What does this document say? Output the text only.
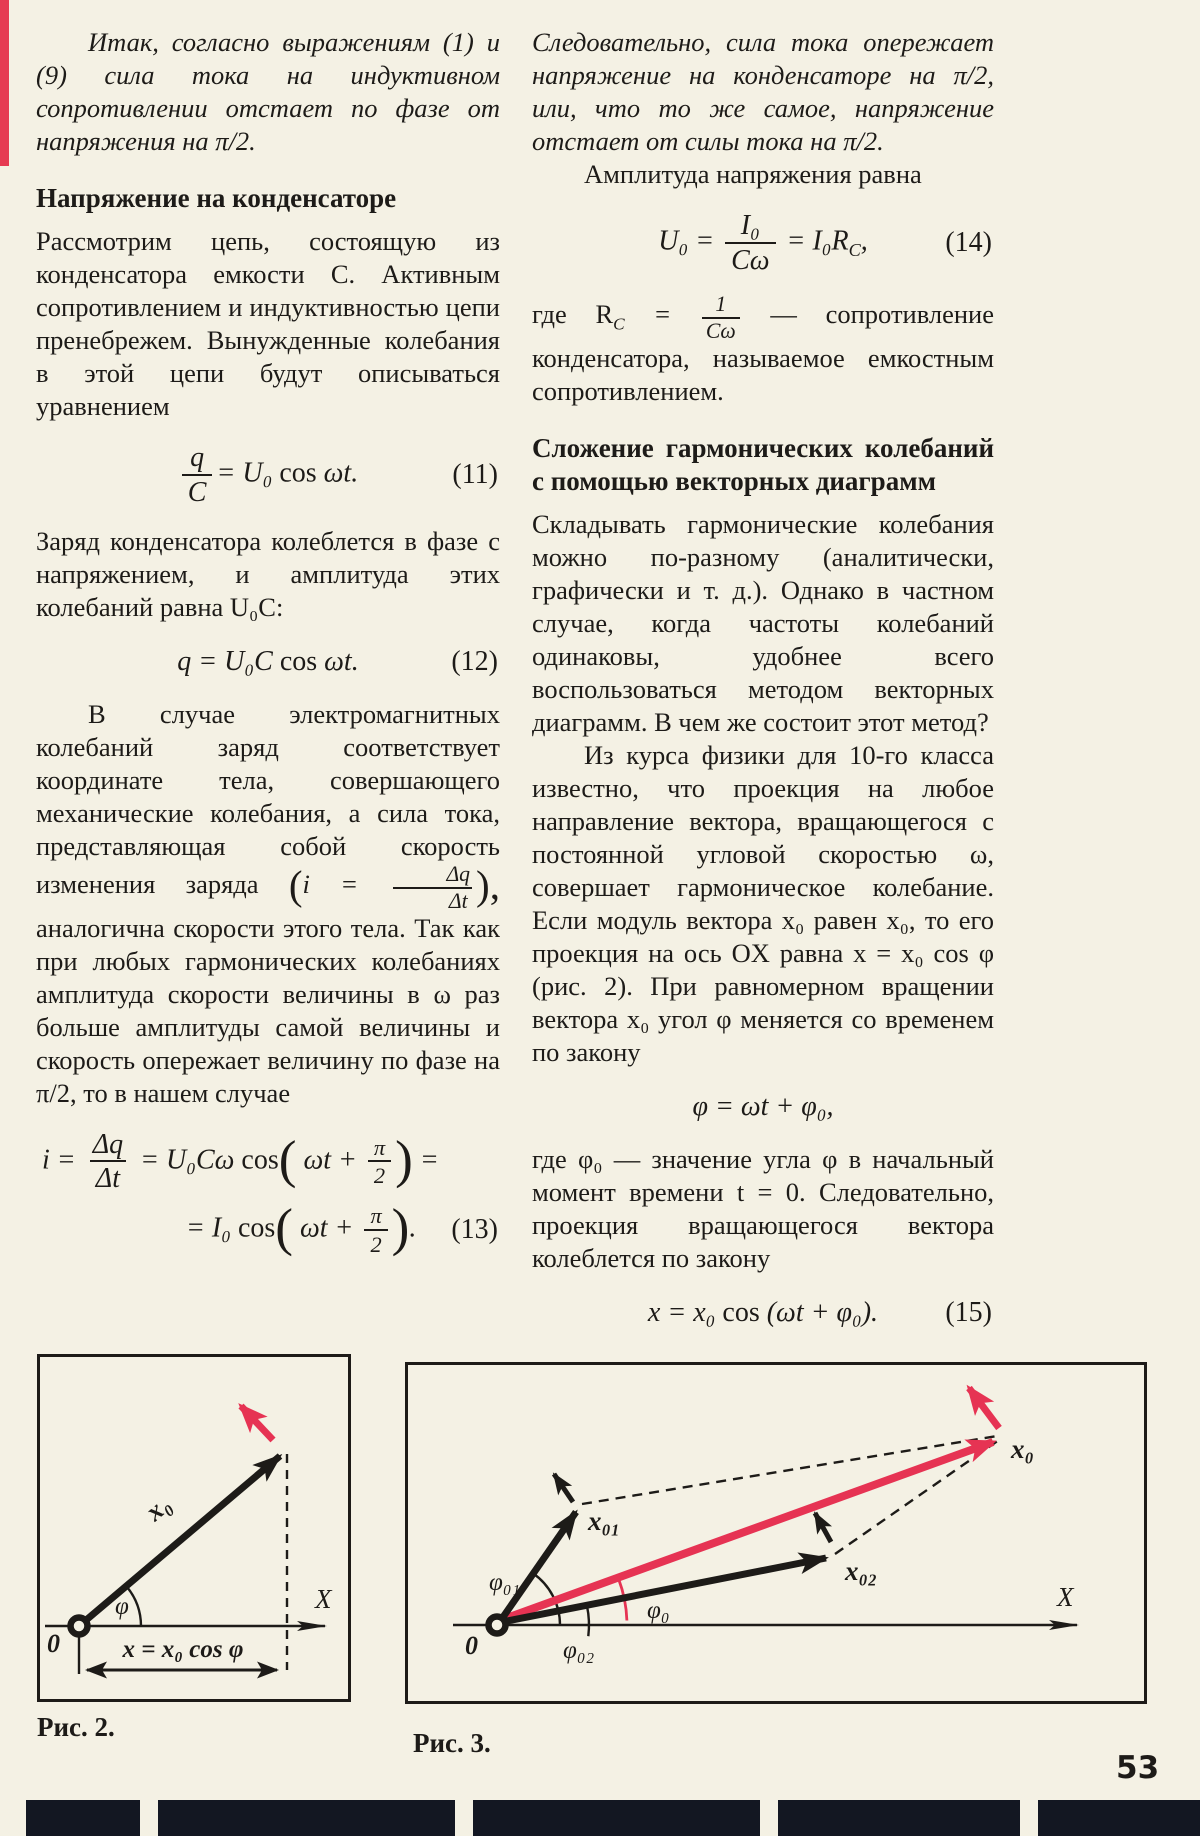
Итак, согласно выражениям (1) и (9) сила тока на индуктивном сопротивлении отстает по фазе от напряжения на π/2.

Напряжение на конденсаторе

Рассмотрим цепь, состоящую из конденсатора емкости C. Активным сопротивлением и индуктивностью цепи пренебрежем. Вынужденные колебания в этой цепи будут описываться уравнением

$\frac{q}{C} = U_0$ cos ωt.	(11)

Заряд конденсатора колеблется в фазе с напряжением, и амплитуда этих колебаний равна U₀C:

q = U₀C cos ωt.	(12)

В случае электромагнитных колебаний заряд соответствует координате тела, совершающего механические колебания, а сила тока, представляющая собой скорость изменения заряда ($i = \frac{\Delta q}{\Delta t}$ ), аналогична скорости этого тела. Так как при любых гармонических колебаниях амплитуда скорости величины в ω раз больше амплитуды самой величины и скорость опережает величину по фазе на π/2, то в нашем случае

$i = \frac{\Delta q}{\Delta t} = U_0C\omega$ cos( $\omega t + \frac{\pi}{2}$ ) =
= I₀ cos( $\omega t + \frac{\pi}{2}$ ). (13)

Следовательно, сила тока опережает напряжение на конденсаторе на π/2, или, что то же самое, напряжение отстает от силы тока на π/2.

Амплитуда напряжения равна

$U_0 = \frac{\text{I₀}}{C\omega} = I_0R_C$,	(14)

где $R_C = \frac{1}{C\omega}$ — сопротивление конденсатора, называемое емкостным сопротивлением.

Сложение гармонических колебаний с помощью векторных диаграмм

Складывать гармонические колебания можно по-разному (аналитически, графически и т. д.). Однако в частном случае, когда частоты колебаний одинаковы, удобнее всего воспользоваться методом векторных диаграмм. В чем же состоит этот метод?

Из курса физики для 10-го класса известно, что проекция на любое направление вектора, вращающегося с постоянной угловой скоростью ω, совершает гармоническое колебание. Если модуль вектора x₀ равен x₀, то его проекция на ось OX равна x = x₀ cos φ (рис. 2). При равномерном вращении вектора x₀ угол φ меняется со временем по закону

φ = ωt + φ₀,

где φ₀ — значение угла φ в начальный момент времени t = 0. Следовательно, проекция вращающегося вектора колеблется по закону

x = x₀ cos (ωt + φ₀). (15)
X
φ
x₀
x = x₀ cos φ
0
Рис. 2.
X
x₀
x₀₁
x₀₂
φ₀₁
φ₀₂
φ₀
0
Рис. 3.
53
